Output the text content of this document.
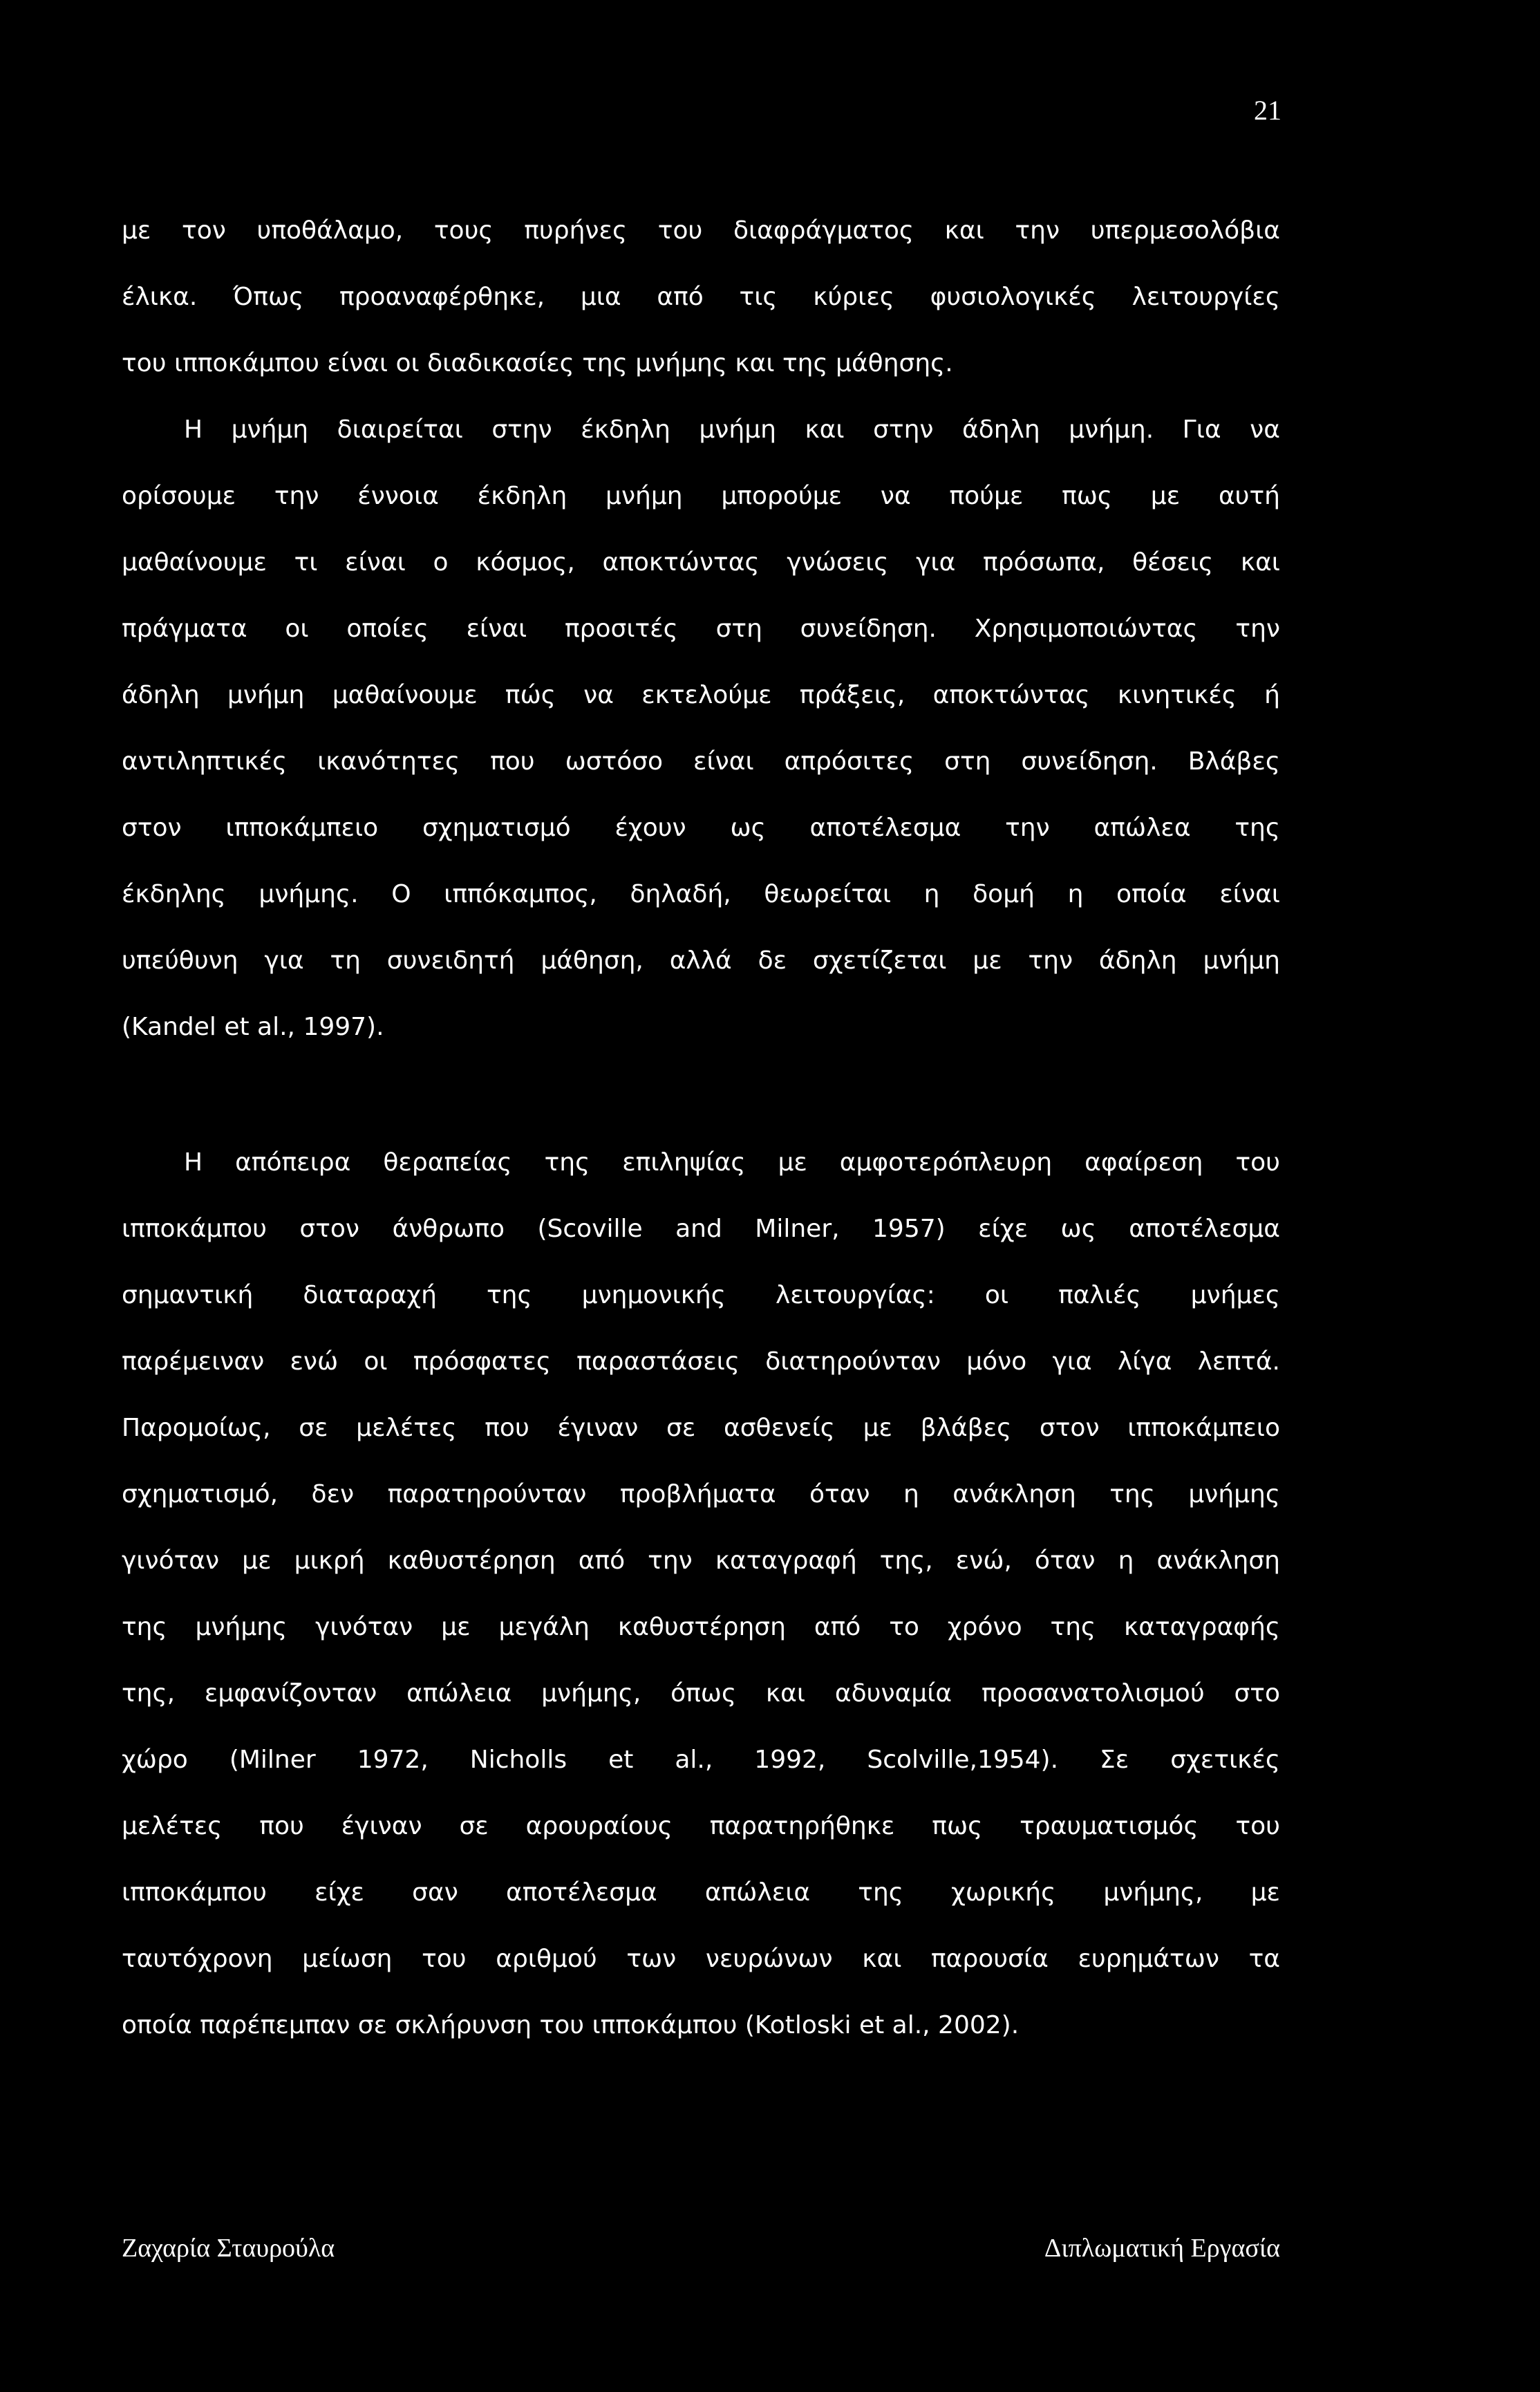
21
με τον υποθάλαμο, τους πυρήνες του διαφράγματος και την υπερμεσολόβια
έλικα. Όπως προαναφέρθηκε, μια από τις κύριες φυσιολογικές λειτουργίες
του ιπποκάμπου είναι οι διαδικασίες της μνήμης και της μάθησης.
Η μνήμη διαιρείται στην έκδηλη μνήμη και στην άδηλη μνήμη. Για να
ορίσουμε την έννοια έκδηλη μνήμη μπορούμε να πούμε πως με αυτή
μαθαίνουμε τι είναι ο κόσμος, αποκτώντας γνώσεις για πρόσωπα, θέσεις και
πράγματα οι οποίες είναι προσιτές στη συνείδηση. Χρησιμοποιώντας την
άδηλη μνήμη μαθαίνουμε πώς να εκτελούμε πράξεις, αποκτώντας κινητικές ή
αντιληπτικές ικανότητες που ωστόσο είναι απρόσιτες στη συνείδηση. Βλάβες
στον ιπποκάμπειο σχηματισμό έχουν ως αποτέλεσμα την απώλεα της
έκδηλης μνήμης. Ο ιππόκαμπος, δηλαδή, θεωρείται η δομή η οποία είναι
υπεύθυνη για τη συνειδητή μάθηση, αλλά δε σχετίζεται με την άδηλη μνήμη
(Kandel et al., 1997).
Η απόπειρα θεραπείας της επιληψίας με αμφοτερόπλευρη αφαίρεση του
ιπποκάμπου στον άνθρωπο (Scoville and Milner, 1957) είχε ως αποτέλεσμα
σημαντική διαταραχή της μνημονικής λειτουργίας: οι παλιές μνήμες
παρέμειναν ενώ οι πρόσφατες παραστάσεις διατηρούνταν μόνο για λίγα λεπτά.
Παρομοίως, σε μελέτες που έγιναν σε ασθενείς με βλάβες στον ιπποκάμπειο
σχηματισμό, δεν παρατηρούνταν προβλήματα όταν η ανάκληση της μνήμης
γινόταν με μικρή καθυστέρηση από την καταγραφή της, ενώ, όταν η ανάκληση
της μνήμης γινόταν με μεγάλη καθυστέρηση από το χρόνο της καταγραφής
της, εμφανίζονταν απώλεια μνήμης, όπως και αδυναμία προσανατολισμού στο
χώρο (Milner 1972, Nicholls et al., 1992, Scolville,1954). Σε σχετικές
μελέτες που έγιναν σε αρουραίους παρατηρήθηκε πως τραυματισμός του
ιπποκάμπου είχε σαν αποτέλεσμα απώλεια της χωρικής μνήμης, με
ταυτόχρονη μείωση του αριθμού των νευρώνων και παρουσία ευρημάτων τα
οποία παρέπεμπαν σε σκλήρυνση του ιπποκάμπου (Kotloski et al., 2002).
Ζαχαρία Σταυρούλα	Διπλωματική Εργασία
